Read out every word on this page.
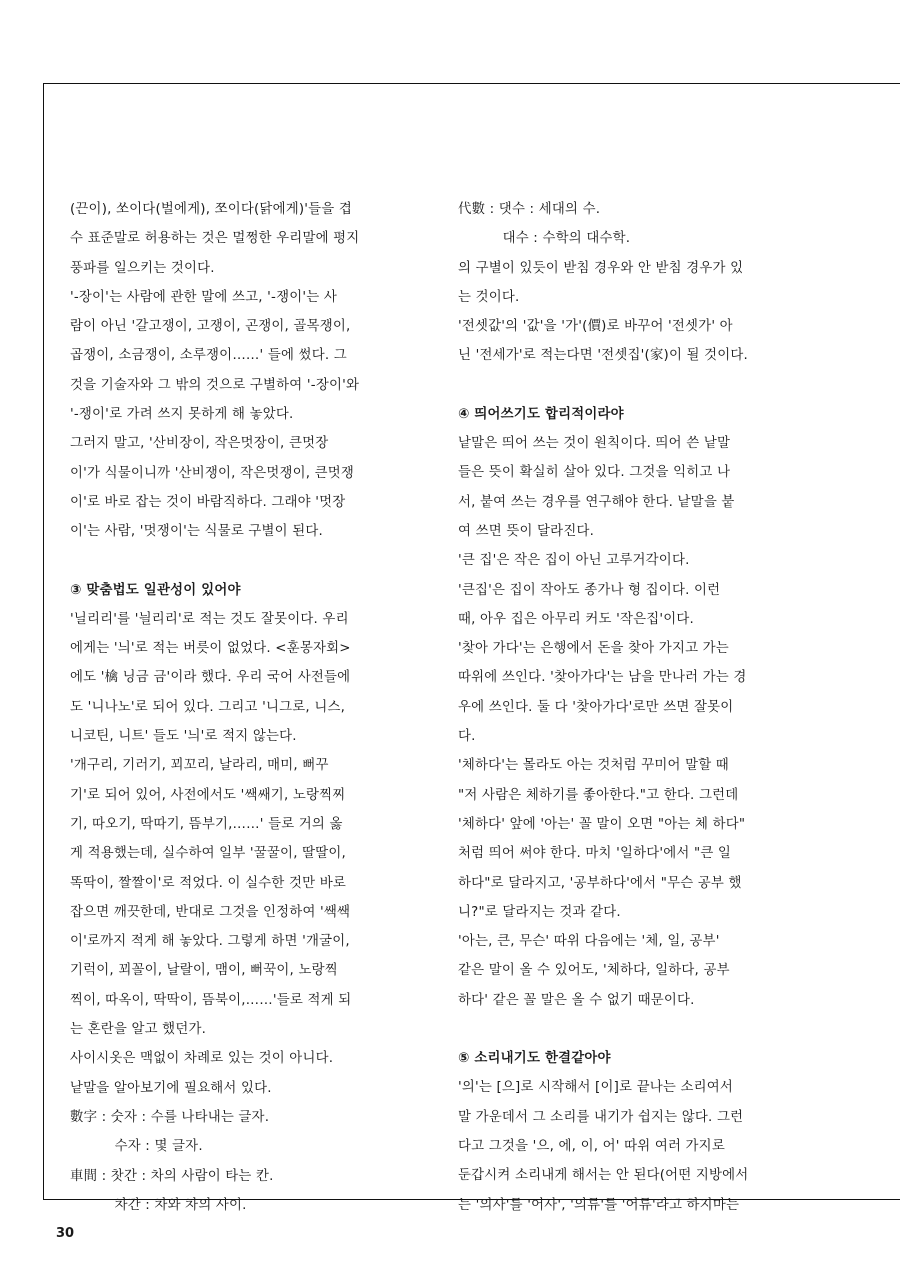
(끈이), 쏘이다(벌에게), 쪼이다(닭에게)'들을 겹

수 표준말로 허용하는 것은 멀쩡한 우리말에 평지

풍파를 일으키는 것이다.

'-장이'는 사람에 관한 말에 쓰고, '-쟁이'는 사

람이 아닌 '갈고쟁이, 고쟁이, 곤쟁이, 골목쟁이,

곱쟁이, 소금쟁이, 소루쟁이……' 들에 썼다. 그

것을 기술자와 그 밖의 것으로 구별하여 '-장이'와

'-쟁이'로 가려 쓰지 못하게 해 놓았다.

그러지 말고, '산비장이, 작은멋장이, 큰멋장

이'가 식물이니까 '산비쟁이, 작은멋쟁이, 큰멋쟁

이'로 바로 잡는 것이 바람직하다. 그래야 '멋장

이'는 사람, '멋쟁이'는 식물로 구별이 된다.

③ 맞춤법도 일관성이 있어야

'닐리리'를 '늴리리'로 적는 것도 잘못이다. 우리

에게는 '늬'로 적는 버릇이 없었다. <훈몽자회>

에도 '檎 닝금 금'이라 했다. 우리 국어 사전들에

도 '니나노'로 되어 있다. 그리고 '니그로, 니스,

니코틴, 니트' 들도 '늬'로 적지 않는다.

'개구리, 기러기, 꾀꼬리, 날라리, 매미, 뻐꾸

기'로 되어 있어, 사전에서도 '쌕쌔기, 노랑찍찌

기, 따오기, 딱따기, 뜸부기,……' 들로 거의 옳

게 적용했는데, 실수하여 일부 '꿀꿀이, 딸딸이,

똑딱이, 짤짤이'로 적었다. 이 실수한 것만 바로

잡으면 깨끗한데, 반대로 그것을 인정하여 '쌕쌕

이'로까지 적게 해 놓았다. 그렇게 하면 '개굴이,

기럭이, 꾀꼴이, 날랄이, 맴이, 뻐꾹이, 노랑찍

찍이, 따옥이, 딱딱이, 뜸북이,……'들로 적게 되

는 혼란을 알고 했던가.

사이시옷은 맥없이 차례로 있는 것이 아니다.

낱말을 알아보기에 필요해서 있다.

數字 : 숫자 : 수를 나타내는 글자.

수자 : 몇 글자.

車間 : 찻간 : 차의 사람이 타는 칸.

차간 : 차와 차의 사이.

代數 : 댓수 : 세대의 수.

대수 : 수학의 대수학.

의 구별이 있듯이 받침 경우와 안 받침 경우가 있

는 것이다.

'전셋값'의 '값'을 '가'(價)로 바꾸어 '전셋가' 아

닌 '전세가'로 적는다면 '전셋집'(家)이 될 것이다.

④ 띄어쓰기도 합리적이라야

낱말은 띄어 쓰는 것이 원칙이다. 띄어 쓴 낱말

들은 뜻이 확실히 살아 있다. 그것을 익히고 나

서, 붙여 쓰는 경우를 연구해야 한다. 낱말을 붙

여 쓰면 뜻이 달라진다.

'큰 집'은 작은 집이 아닌 고루거각이다.

'큰집'은 집이 작아도 종가나 형 집이다. 이런

때, 아우 집은 아무리 커도 '작은집'이다.

'찾아 가다'는 은행에서 돈을 찾아 가지고 가는

따위에 쓰인다. '찾아가다'는 남을 만나러 가는 경

우에 쓰인다. 둘 다 '찾아가다'로만 쓰면 잘못이

다.

'체하다'는 몰라도 아는 것처럼 꾸미어 말할 때

"저 사람은 체하기를 좋아한다."고 한다. 그런데

'체하다' 앞에 '아는' 꼴 말이 오면 "아는 체 하다"

처럼 띄어 써야 한다. 마치 '일하다'에서 "큰 일

하다"로 달라지고, '공부하다'에서 "무슨 공부 했

니?"로 달라지는 것과 같다.

'아는, 큰, 무슨' 따위 다음에는 '체, 일, 공부'

같은 말이 올 수 있어도, '체하다, 일하다, 공부

하다' 같은 꼴 말은 올 수 없기 때문이다.

⑤ 소리내기도 한결같아야

'의'는 [으]로 시작해서 [이]로 끝나는 소리여서

말 가운데서 그 소리를 내기가 쉽지는 않다. 그런

다고 그것을 '으, 에, 이, 어' 따위 여러 가지로

둔갑시켜 소리내게 해서는 안 된다(어떤 지방에서

는 '의사'를 '어사', '의류'를 '어류'라고 하지마는

30
